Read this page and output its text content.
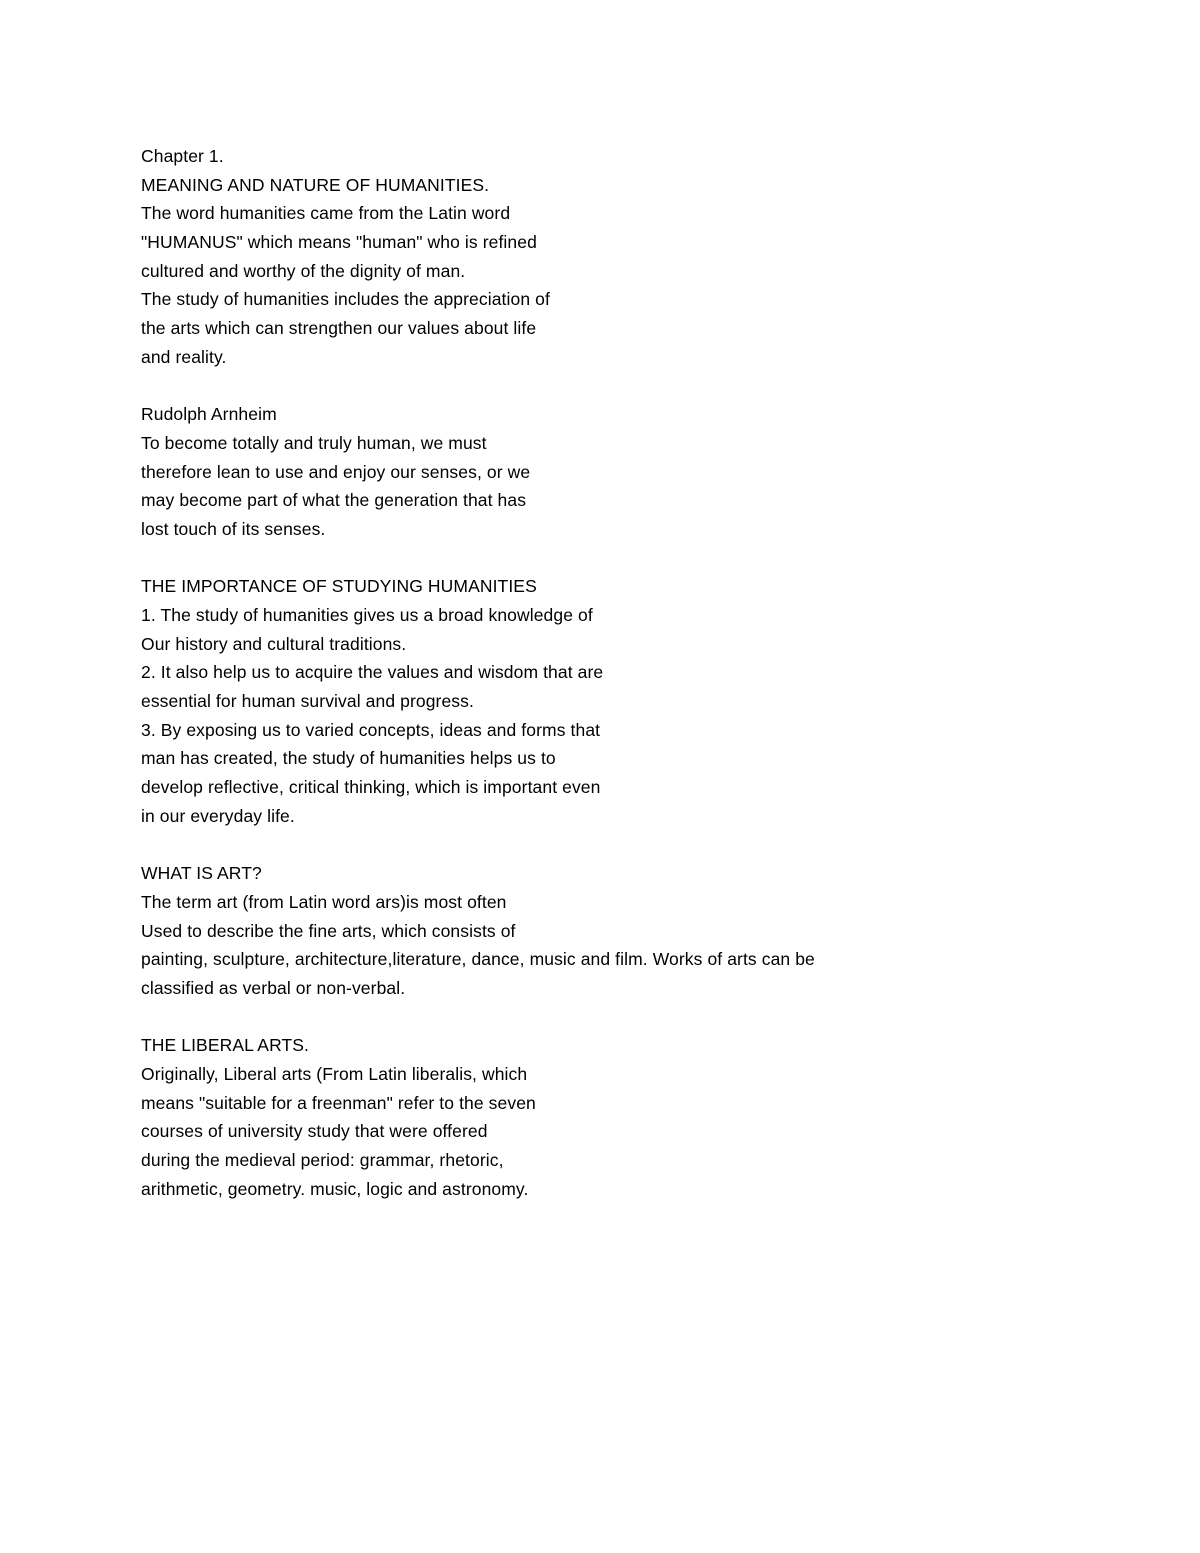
Chapter 1.
MEANING AND NATURE OF HUMANITIES.
The word humanities came from the Latin word
"HUMANUS" which means "human" who is refined
cultured and worthy of the dignity of man.
The study of humanities includes the appreciation of
the arts which can strengthen our values about life
and reality.
Rudolph Arnheim
To become totally and truly human, we must
therefore lean to use and enjoy our senses, or we
may become part of what the generation that has
lost touch of its senses.
THE IMPORTANCE OF STUDYING HUMANITIES
1. The study of humanities gives us a broad knowledge of
Our history and cultural traditions.
2. It also help us to acquire the values and wisdom that are
essential for human survival and progress.
3. By exposing us to varied concepts, ideas and forms that
man has created, the study of humanities helps us to
develop reflective, critical thinking, which is important even
in our everyday life.
WHAT IS ART?
The term art (from Latin word ars)is most often
Used to describe the fine arts, which consists of
painting, sculpture, architecture,literature, dance, music and film. Works of arts can be
classified as verbal or non-verbal.
THE LIBERAL ARTS.
Originally, Liberal arts (From Latin liberalis, which
means "suitable for a freenman" refer to the seven
courses of university study that were offered
during the medieval period: grammar, rhetoric,
arithmetic, geometry. music, logic and astronomy.
